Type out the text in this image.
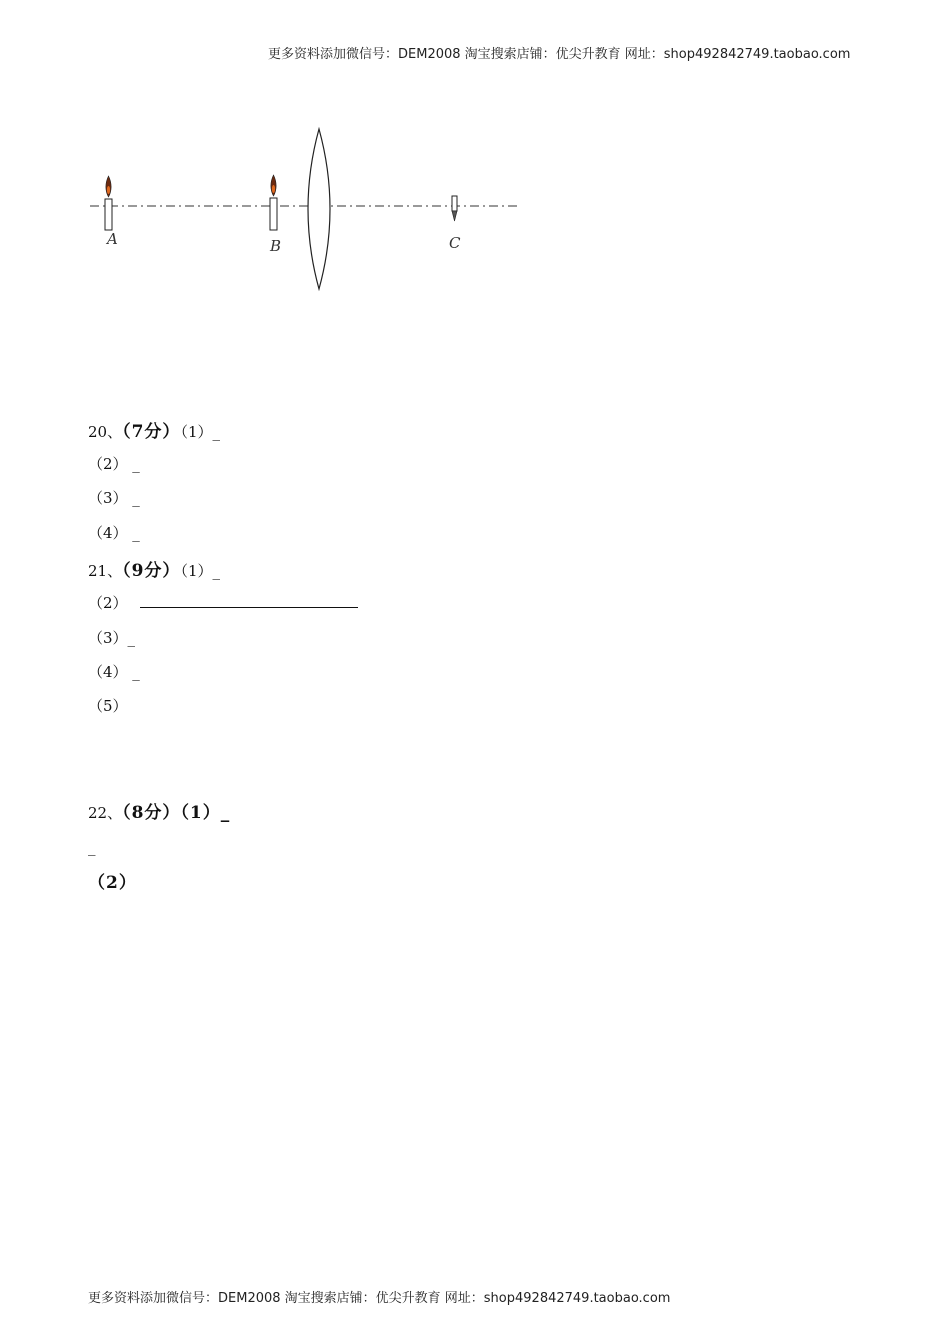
更多资料添加微信号：DEM2008 淘宝搜索店铺：优尖升教育 网址：shop492842749.taobao.com
A	B	C
20、（7分）（1）_
（2） _
（3） _
（4） _
21、（9分）（1）_
（2）
（3）_
（4） _
（5）
22、（8分）（1）_
_
（2）
更多资料添加微信号：DEM2008 淘宝搜索店铺：优尖升教育 网址：shop492842749.taobao.com
